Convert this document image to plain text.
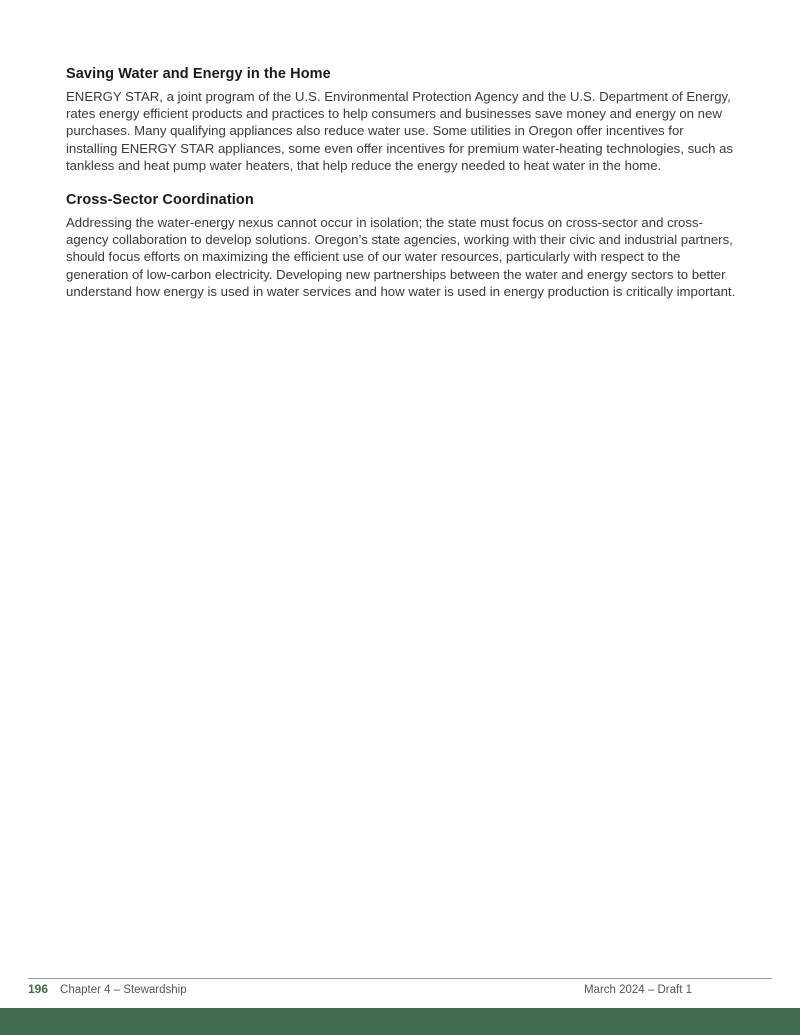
Saving Water and Energy in the Home

ENERGY STAR, a joint program of the U.S. Environmental Protection Agency and the U.S. Department of Energy, rates energy efficient products and practices to help consumers and businesses save money and energy on new purchases. Many qualifying appliances also reduce water use. Some utilities in Oregon offer incentives for installing ENERGY STAR appliances, some even offer incentives for premium water-heating technologies, such as tankless and heat pump water heaters, that help reduce the energy needed to heat water in the home.

Cross-Sector Coordination

Addressing the water-energy nexus cannot occur in isolation; the state must focus on cross-sector and cross-agency collaboration to develop solutions. Oregon’s state agencies, working with their civic and industrial partners, should focus efforts on maximizing the efficient use of our water resources, particularly with respect to the generation of low-carbon electricity. Developing new partnerships between the water and energy sectors to better understand how energy is used in water services and how water is used in energy production is critically important.

196 Chapter 4 – Stewardship	March 2024 – Draft 1
